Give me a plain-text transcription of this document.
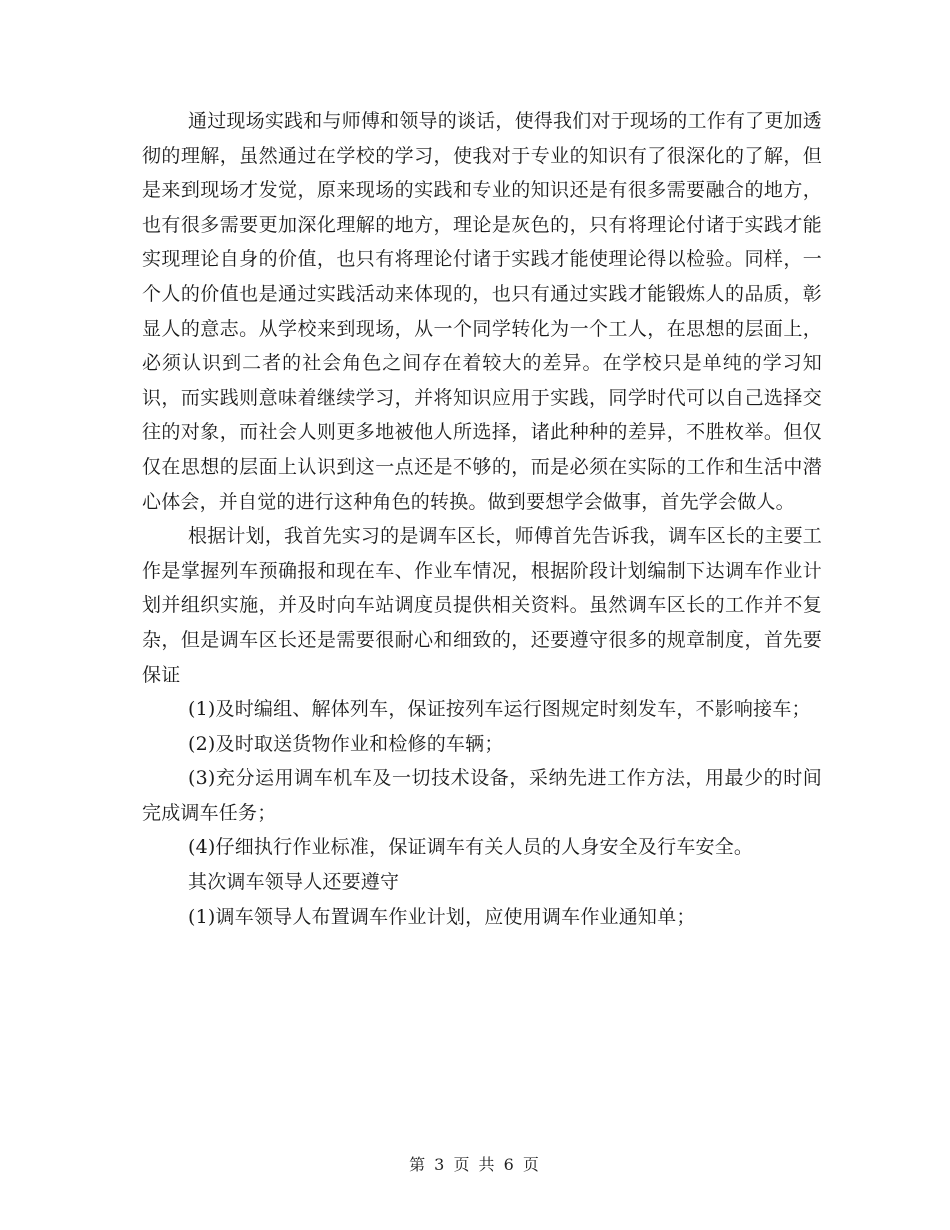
通过现场实践和与师傅和领导的谈话，使得我们对于现场的工作有了更加透彻的理解，虽然通过在学校的学习，使我对于专业的知识有了很深化的了解，但是来到现场才发觉，原来现场的实践和专业的知识还是有很多需要融合的地方，也有很多需要更加深化理解的地方，理论是灰色的，只有将理论付诸于实践才能实现理论自身的价值，也只有将理论付诸于实践才能使理论得以检验。同样，一个人的价值也是通过实践活动来体现的，也只有通过实践才能锻炼人的品质，彰显人的意志。从学校来到现场，从一个同学转化为一个工人，在思想的层面上，必须认识到二者的社会角色之间存在着较大的差异。在学校只是单纯的学习知识，而实践则意味着继续学习，并将知识应用于实践，同学时代可以自己选择交往的对象，而社会人则更多地被他人所选择，诸此种种的差异，不胜枚举。但仅仅在思想的层面上认识到这一点还是不够的，而是必须在实际的工作和生活中潜心体会，并自觉的进行这种角色的转换。做到要想学会做事，首先学会做人。

根据计划，我首先实习的是调车区长，师傅首先告诉我，调车区长的主要工作是掌握列车预确报和现在车、作业车情况，根据阶段计划编制下达调车作业计划并组织实施，并及时向车站调度员提供相关资料。虽然调车区长的工作并不复杂，但是调车区长还是需要很耐心和细致的，还要遵守很多的规章制度，首先要保证

(1)及时编组、解体列车，保证按列车运行图规定时刻发车，不影响接车；

(2)及时取送货物作业和检修的车辆；

(3)充分运用调车机车及一切技术设备，采纳先进工作方法，用最少的时间完成调车任务；

(4)仔细执行作业标准，保证调车有关人员的人身安全及行车安全。

其次调车领导人还要遵守

(1)调车领导人布置调车作业计划，应使用调车作业通知单；

第 3 页 共 6 页
